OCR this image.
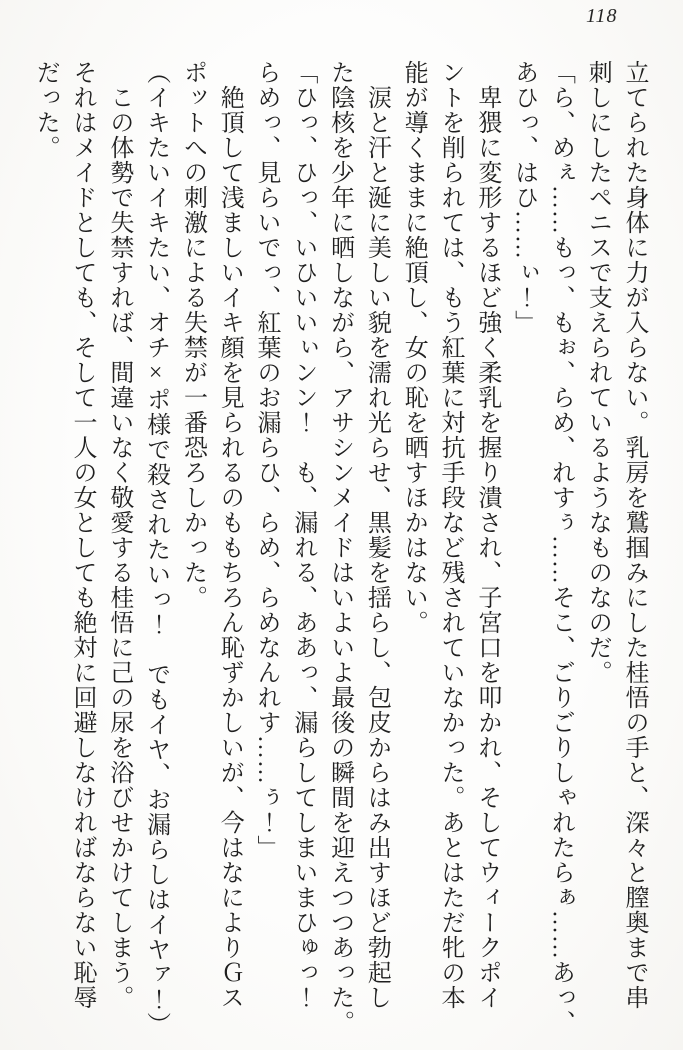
118
立てられた身体に力が入らない。乳房を鷲掴みにした桂悟の手と、深々と膣奥まで串
刺しにしたペニスで支えられているようなものなのだ。
「ら、めぇ……もっ、もぉ、らめ、れすぅ……そこ、ごりごりしゃれたらぁ……あっ、
あひっ、はひ……ぃ！」
　卑猥に変形するほど強く柔乳を握り潰され、子宮口を叩かれ、そしてウィークポイ
ントを削られては、もう紅葉に対抗手段など残されていなかった。あとはただ牝の本
能が導くままに絶頂し、女の恥を晒すほかはない。
　涙と汗と涎に美しい貌を濡れ光らせ、黒髪を揺らし、包皮からはみ出すほど勃起し
た陰核を少年に晒しながら、アサシンメイドはいよいよ最後の瞬間を迎えつつあった。
「ひっ、ひっ、いひいいぃンン！　も、漏れる、ああっ、漏らしてしまいまひゅっ！
らめっ、見らいでっ、紅葉のお漏らひ、らめ、らめなんれす……ぅ！」
　絶頂して浅ましいイキ顔を見られるのももちろん恥ずかしいが、今はなによりＧス
ポットへの刺激による失禁が一番恐ろしかった。
（イキたいイキたい、オチ×ポ様で殺されたいっ！　でもイヤ、お漏らしはイヤァ！）
　この体勢で失禁すれば、間違いなく敬愛する桂悟に己の尿を浴びせかけてしまう。
それはメイドとしても、そして一人の女としても絶対に回避しなければならない恥辱
だった。
